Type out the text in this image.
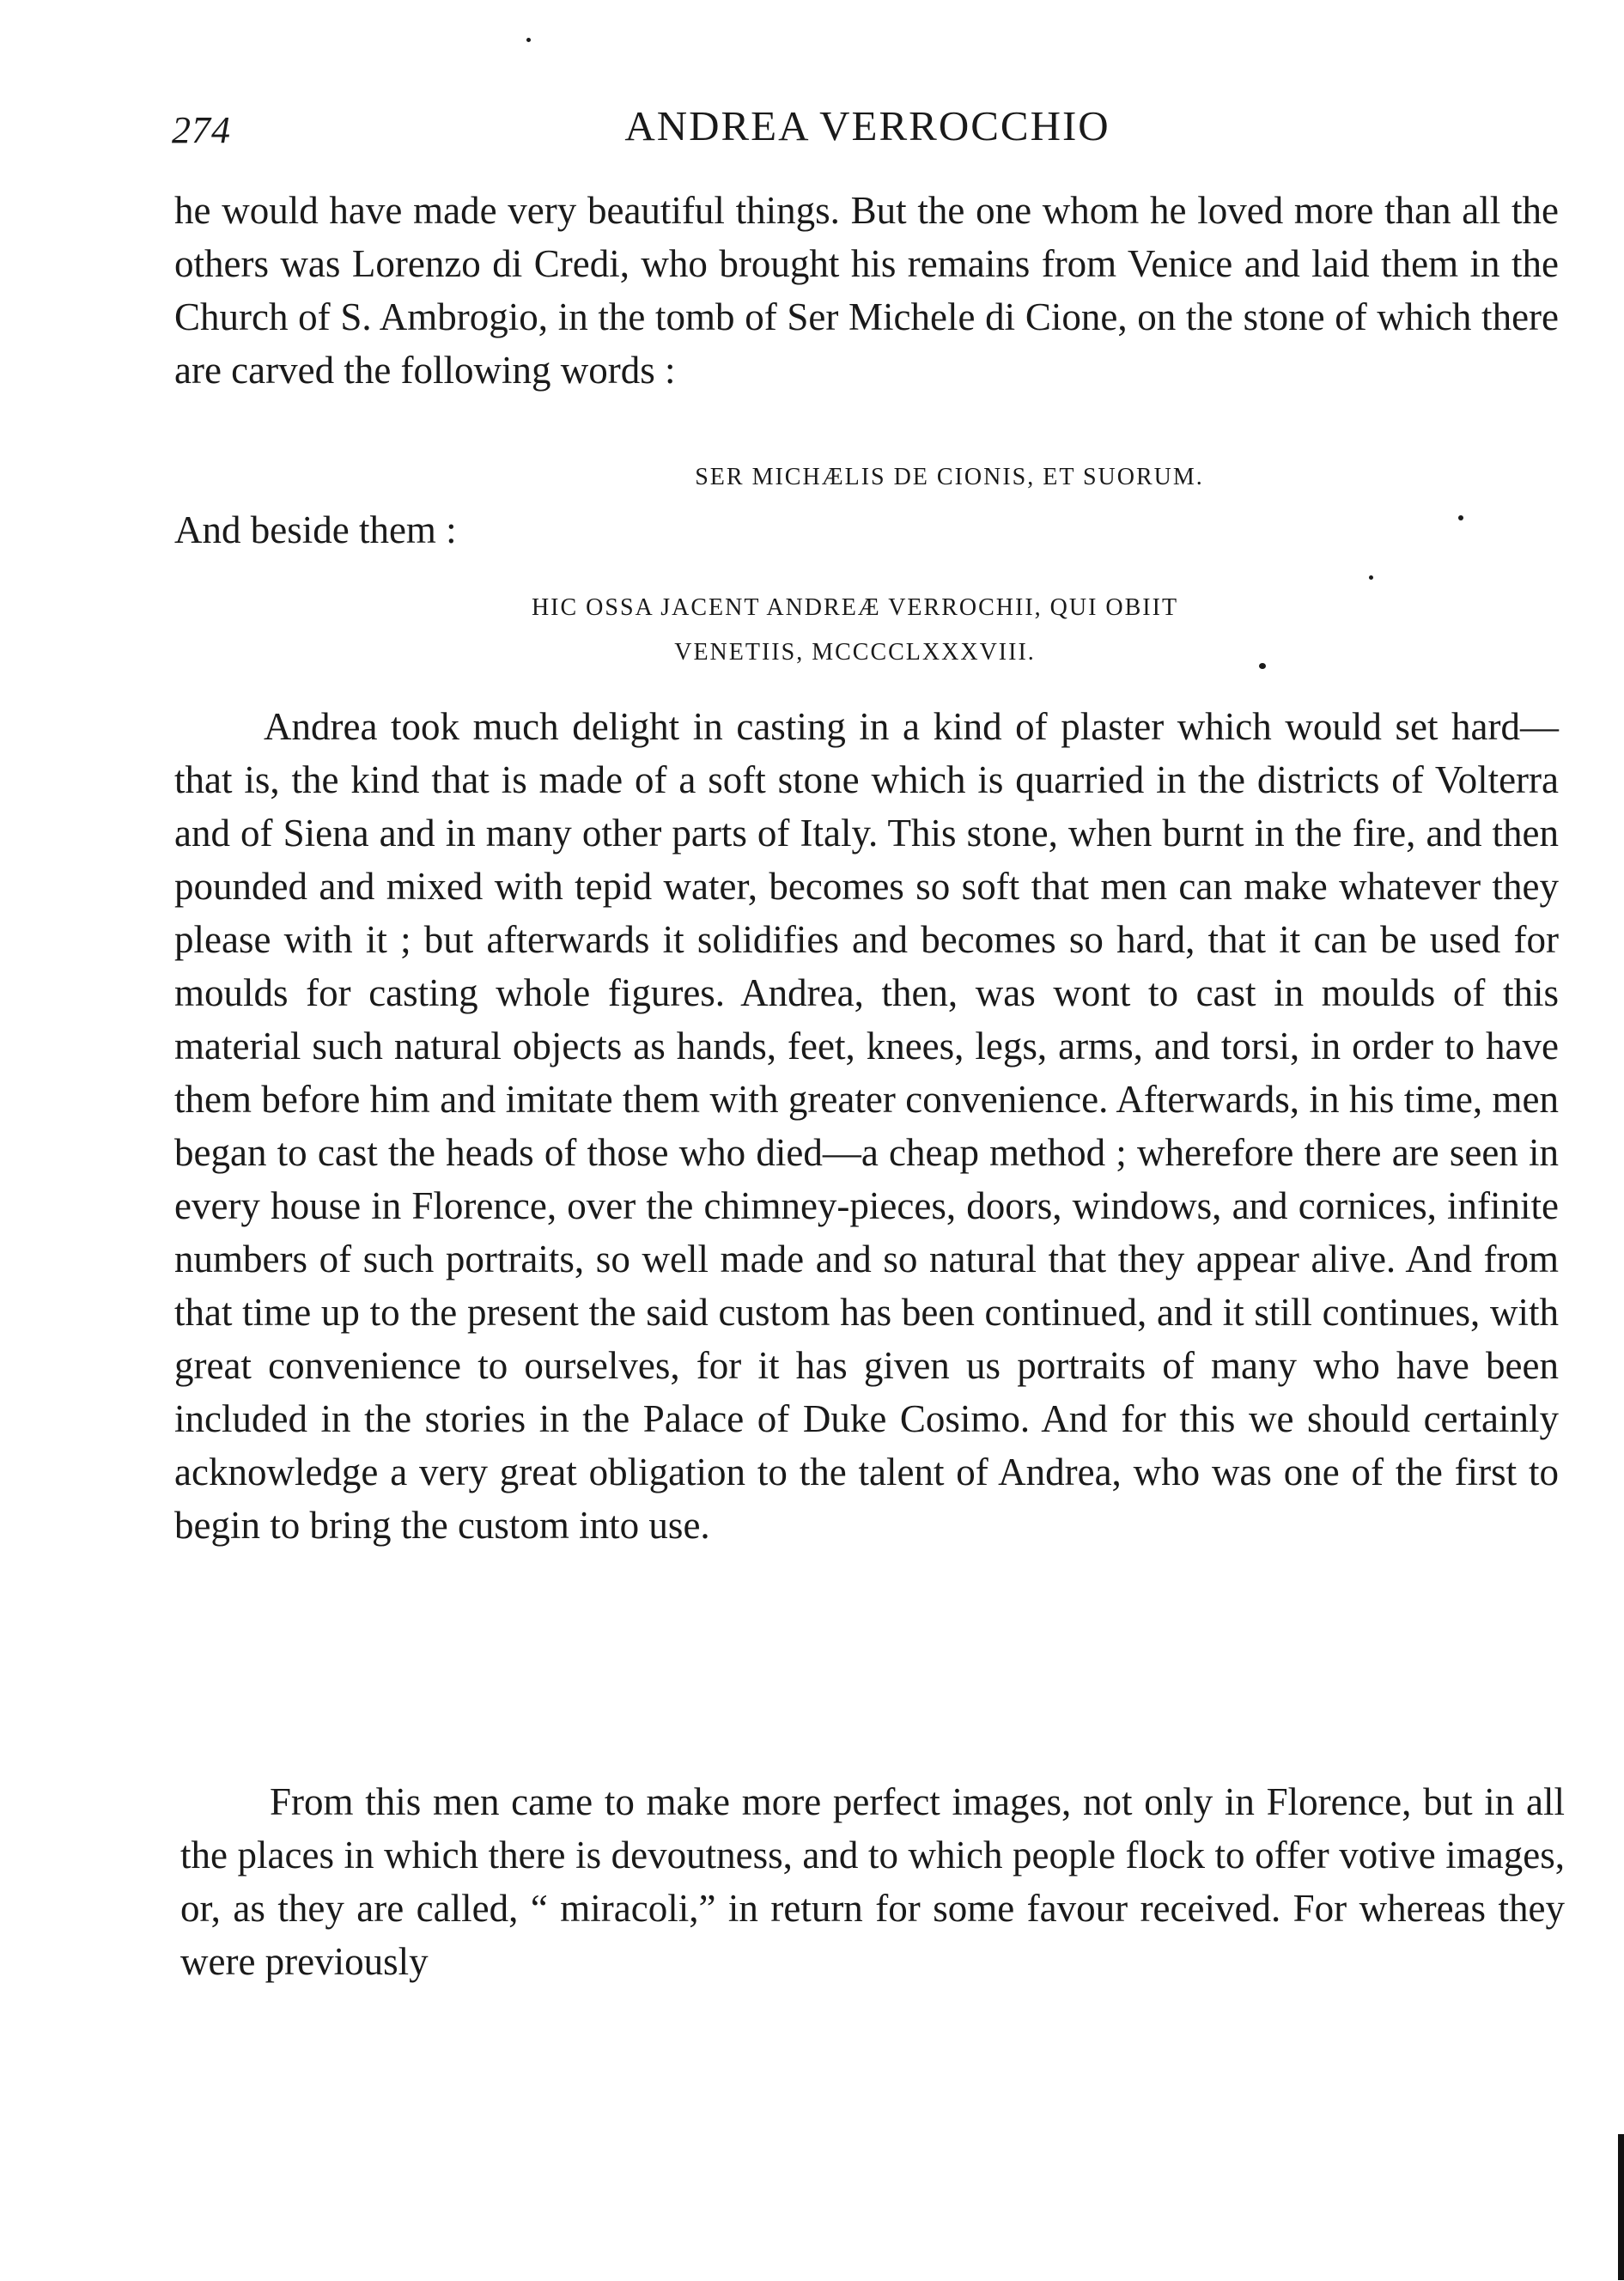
274	ANDREA VERROCCHIO

he would have made very beautiful things. But the one whom he loved more than all the others was Lorenzo di Credi, who brought his remains from Venice and laid them in the Church of S. Ambrogio, in the tomb of Ser Michele di Cione, on the stone of which there are carved the following words :

SER MICHÆLIS DE CIONIS, ET SUORUM.
And beside them :
HIC OSSA JACENT ANDREÆ VERROCHII, QUI OBIIT
VENETIIS, MCCCCLXXXVIII.

Andrea took much delight in casting in a kind of plaster which would set hard—that is, the kind that is made of a soft stone which is quarried in the districts of Volterra and of Siena and in many other parts of Italy. This stone, when burnt in the fire, and then pounded and mixed with tepid water, becomes so soft that men can make whatever they please with it ; but afterwards it solidifies and becomes so hard, that it can be used for moulds for casting whole figures. Andrea, then, was wont to cast in moulds of this material such natural objects as hands, feet, knees, legs, arms, and torsi, in order to have them before him and imitate them with greater convenience. Afterwards, in his time, men began to cast the heads of those who died—a cheap method ; wherefore there are seen in every house in Florence, over the chimney-pieces, doors, windows, and cornices, infinite numbers of such portraits, so well made and so natural that they appear alive. And from that time up to the present the said custom has been continued, and it still continues, with great convenience to ourselves, for it has given us portraits of many who have been included in the stories in the Palace of Duke Cosimo. And for this we should certainly acknowledge a very great obligation to the talent of Andrea, who was one of the first to begin to bring the custom into use.

From this men came to make more perfect images, not only in Florence, but in all the places in which there is devoutness, and to which people flock to offer votive images, or, as they are called, “ miracoli,” in return for some favour received. For whereas they were previously
